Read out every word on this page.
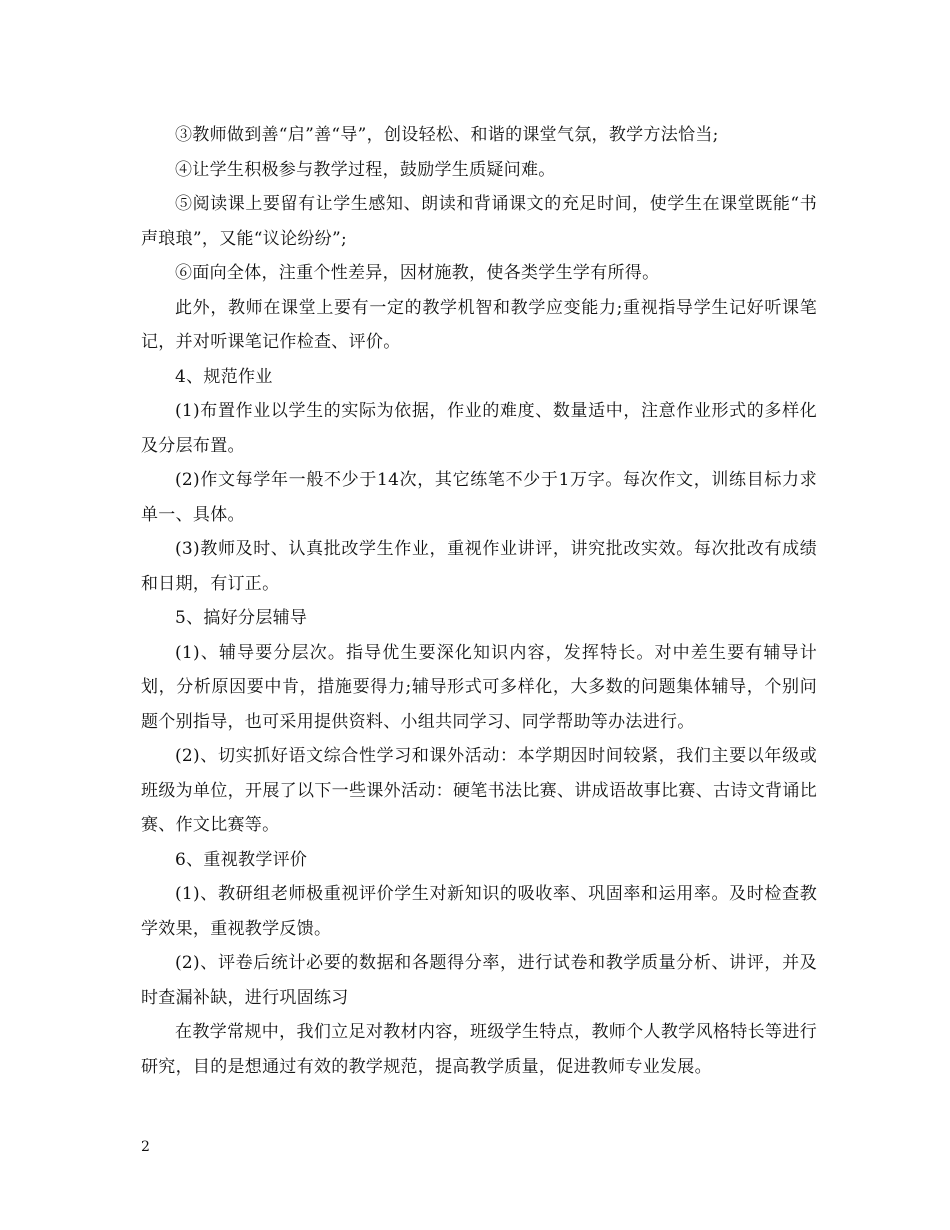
③教师做到善“启”善“导”，创设轻松、和谐的课堂气氛，教学方法恰当;

④让学生积极参与教学过程，鼓励学生质疑问难。

⑤阅读课上要留有让学生感知、朗读和背诵课文的充足时间，使学生在课堂既能“书声琅琅”，又能“议论纷纷”;

⑥面向全体，注重个性差异，因材施教，使各类学生学有所得。

此外，教师在课堂上要有一定的教学机智和教学应变能力;重视指导学生记好听课笔记，并对听课笔记作检查、评价。

4、规范作业

(1)布置作业以学生的实际为依据，作业的难度、数量适中，注意作业形式的多样化及分层布置。

(2)作文每学年一般不少于14次，其它练笔不少于1万字。每次作文，训练目标力求单一、具体。

(3)教师及时、认真批改学生作业，重视作业讲评，讲究批改实效。每次批改有成绩和日期，有订正。

5、搞好分层辅导

(1)、辅导要分层次。指导优生要深化知识内容，发挥特长。对中差生要有辅导计划，分析原因要中肯，措施要得力;辅导形式可多样化，大多数的问题集体辅导，个别问题个别指导，也可采用提供资料、小组共同学习、同学帮助等办法进行。

(2)、切实抓好语文综合性学习和课外活动：本学期因时间较紧，我们主要以年级或班级为单位，开展了以下一些课外活动：硬笔书法比赛、讲成语故事比赛、古诗文背诵比赛、作文比赛等。

6、重视教学评价

(1)、教研组老师极重视评价学生对新知识的吸收率、巩固率和运用率。及时检查教学效果，重视教学反馈。

(2)、评卷后统计必要的数据和各题得分率，进行试卷和教学质量分析、讲评，并及时查漏补缺，进行巩固练习

在教学常规中，我们立足对教材内容，班级学生特点，教师个人教学风格特长等进行研究，目的是想通过有效的教学规范，提高教学质量，促进教师专业发展。

2
